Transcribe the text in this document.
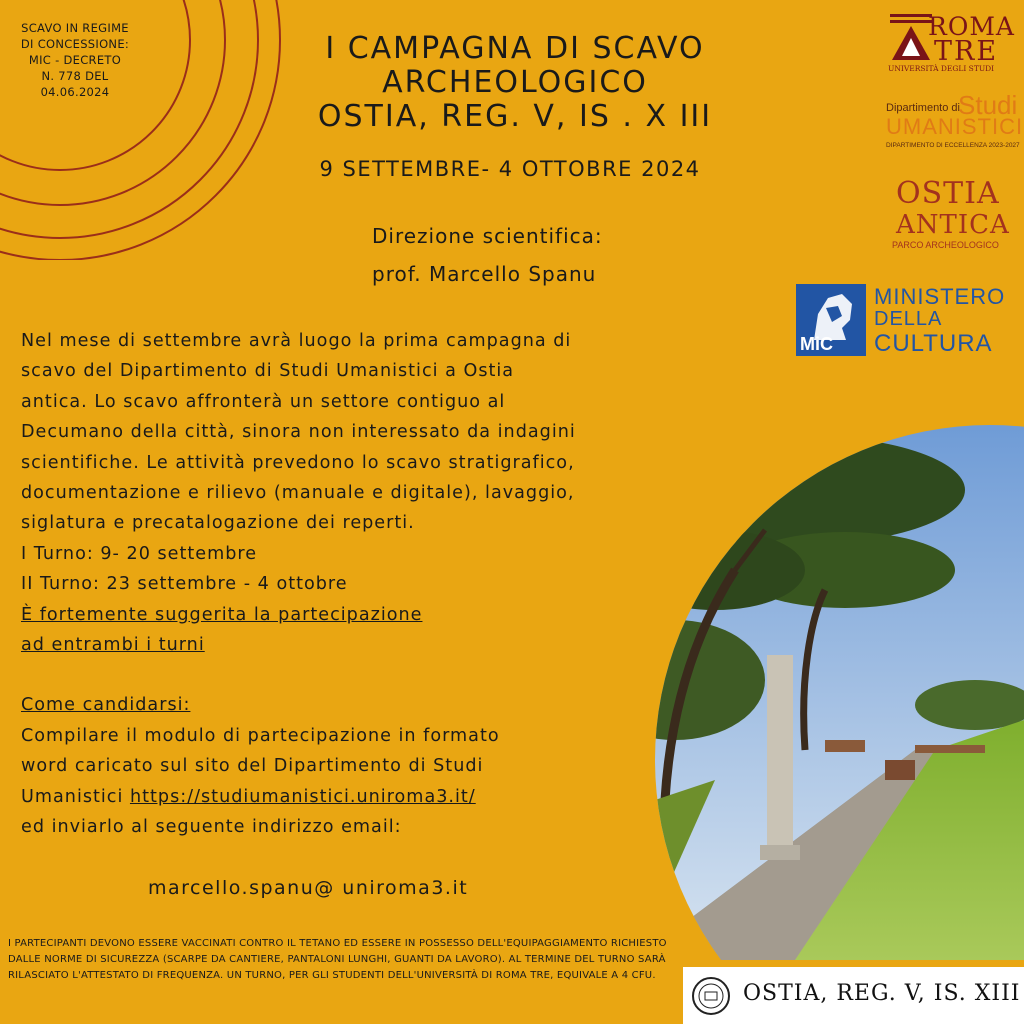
SCAVO IN REGIME
DI CONCESSIONE:
MIC - DECRETO
N. 778 DEL
04.06.2024
I CAMPAGNA DI SCAVO
ARCHEOLOGICO
OSTIA, REG. V, IS . X III
9 SETTEMBRE- 4 OTTOBRE 2024
Direzione scientifica:
prof. Marcello Spanu
ROMA
TRE
UNIVERSITÀ DEGLI STUDI
Dipartimento di
Studi
UMANISTICI
DIPARTIMENTO DI ECCELLENZA 2023-2027
OSTIA
ANTICA
PARCO ARCHEOLOGICO
MiC
MINISTERO
DELLA
CULTURA

Nel mese di settembre avrà luogo la prima campagna di

scavo del Dipartimento di Studi Umanistici a Ostia

antica. Lo scavo affronterà un settore contiguo al

Decumano della città, sinora non interessato da indagini

scientifiche. Le attività prevedono lo scavo stratigrafico,

documentazione e rilievo (manuale e digitale), lavaggio,

siglatura e precatalogazione dei reperti.

I Turno: 9- 20 settembre

II Turno: 23 settembre - 4 ottobre

È fortemente suggerita la partecipazione

ad entrambi i turni

Come candidarsi:

Compilare il modulo di partecipazione in formato

word caricato sul sito del Dipartimento di Studi

Umanistici https://studiumanistici.uniroma3.it/

ed inviarlo al seguente indirizzo email:

marcello.spanu@ uniroma3.it
I PARTECIPANTI DEVONO ESSERE VACCINATI CONTRO IL TETANO ED ESSERE IN POSSESSO DELL'EQUIPAGGIAMENTO RICHIESTO DALLE NORME DI SICUREZZA (SCARPE DA CANTIERE, PANTALONI LUNGHI, GUANTI DA LAVORO). AL TERMINE DEL TURNO SARÀ RILASCIATO L'ATTESTATO DI FREQUENZA. UN TURNO, PER GLI STUDENTI DELL'UNIVERSITÀ DI ROMA TRE, EQUIVALE A 4 CFU.
OSTIA, REG. V, IS. XIII
